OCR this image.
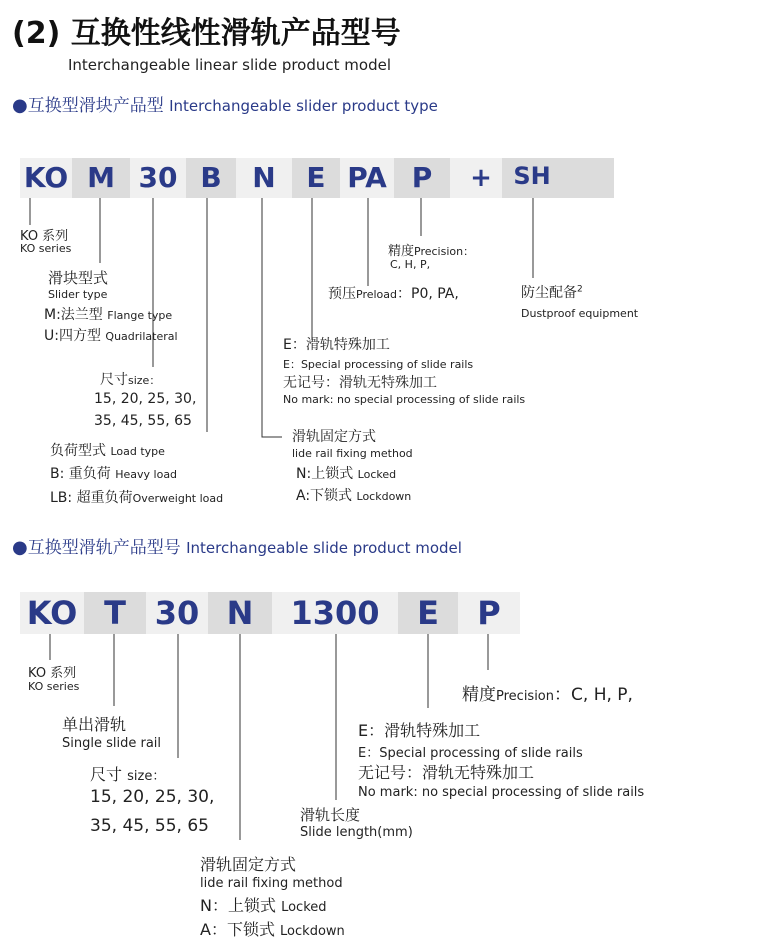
(2) 互换性线性滑轨产品型号
Interchangeable linear slide product model
●互换型滑块产品型 Interchangeable slider product type
KO M 30 B	N	E PA P	+ SH
KO 系列
KO series
滑块型式
Slider type
M:法兰型 Flange type
U:四方型 Quadrilateral
尺寸size：
15, 20, 25, 30,
35, 45, 55, 65
负荷型式 Load type
B: 重负荷 Heavy load
LB: 超重负荷Overweight load
滑轨固定方式
lide rail fixing method
N:上锁式 Locked
A:下锁式 Lockdown
E：滑轨特殊加工
E：Special processing of slide rails
无记号：滑轨无特殊加工
No mark: no special processing of slide rails
预压Preload：P0, PA,
精度Precision：
C, H, P,
防尘配备$^2$
Dustproof equipment
●互换型滑轨产品型号 Interchangeable slide product model
KO T 30 N	1300	E	P
KO 系列
KO series
单出滑轨
Single slide rail
尺寸 size：
15, 20, 25, 30,
35, 45, 55, 65
滑轨固定方式
lide rail fixing method
N：上锁式 Locked
A：下锁式 Lockdown
滑轨长度
Slide length(mm)
E：滑轨特殊加工
E：Special processing of slide rails
无记号：滑轨无特殊加工
No mark: no special processing of slide rails
精度Precision：C, H, P,
